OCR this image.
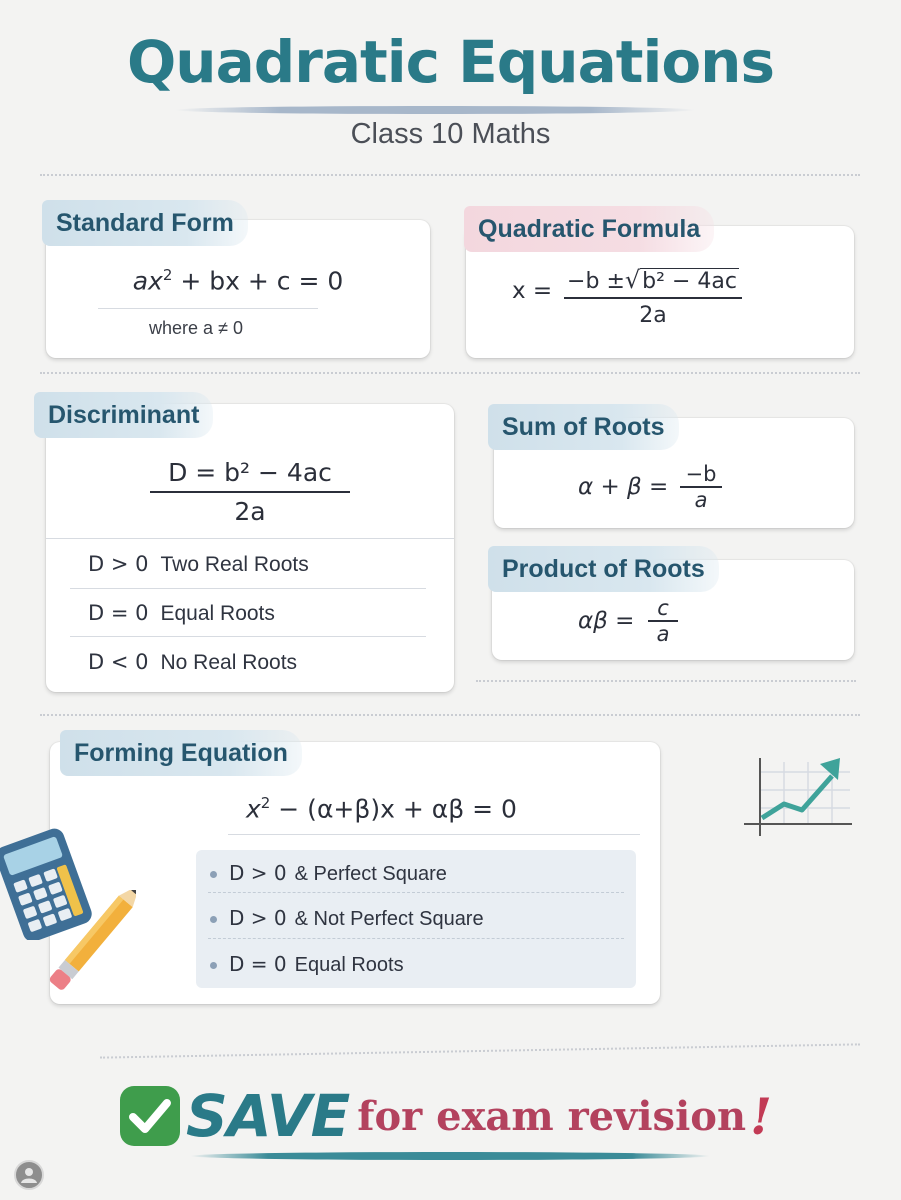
Quadratic Equations
Class 10 Maths
$ax^2$ + bx + c = 0
where a ≠ 0
Standard Form
x = −b ±√b² − 4ac
2a
Quadratic Formula
$\frac{\text{D = b² − 4ac}}{2a}$
D > 0 Two Real Roots
D = 0 Equal Roots
D < 0 No Real Roots
Discriminant
$\alpha + \beta = \frac{-b}{a}$
Sum of Roots
$\alpha\beta = \frac{c}{a}$
Product of Roots
$x^2 - (\alpha+\beta)x + \alpha\beta = 0$
Forming Equation
D > 0 & Perfect Square
D > 0 & Not Perfect Square
D = 0 Equal Roots
SAVE for exam revision!
